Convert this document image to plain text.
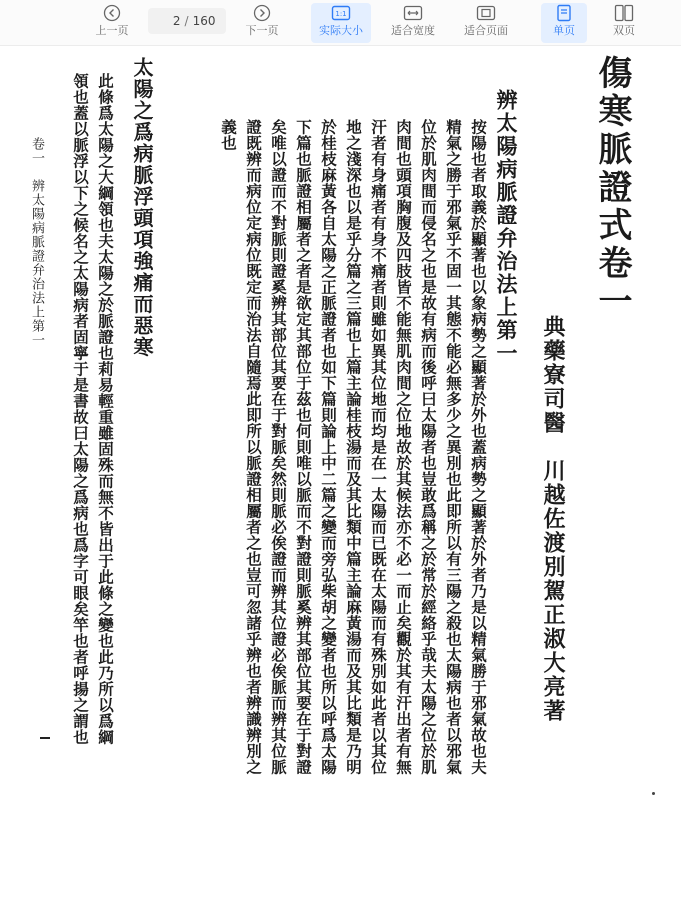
上一页
2
/ 160
下一页
1:1
实际大小	适合宽度	适合页面	单页	双页
傷寒脈證式卷一
典藥寮司醫　川越佐渡別駕正淑大亮著
辨太陽病脈證弁治法上第一
按陽也者取義於顯著也以象病勢之顯著於外也蓋病勢之顯著於外者乃是以精氣勝于邪氣故也夫
精氣之勝于邪氣乎不固一其態不能必無多少之異別也此即所以有三陽之殺也太陽病也者以邪氣
位於肌肉間而侵名之也是故有病而後呼曰太陽者也豈敢爲稱之於常於經絡乎哉夫太陽之位於肌
肉間也頭項胸腹及四肢皆不能無肌肉間之位地故於其候法亦不必一而止矣觀於其有汗出者有無
汗者有身痛者有身不痛者則雖如異其位地而均是在一太陽而已既在太陽而有殊別如此者以其位
地之淺深也以是乎分篇之三篇也上篇主論桂枝湯而及其比類中篇主論麻黃湯而及其比類是乃明
於桂枝麻黃各自太陽之正脈證者也如下篇則論上中二篇之變而旁弘柴胡之變者也所以呼爲太陽
下篇也脈證相屬者之者是欲定其部位于茲也何則唯以脈而不對證則脈奚辨其部位其要在于對證
矣唯以證而不對脈則證奚辨其部位其要在于對脈矣然則脈必俟證而辨其位證必俟脈而辨其位脈
證既辨而病位定病位既定而治法自隨焉此即所以脈證相屬者之也豈可忽諸乎辨也者辨識辨別之
義也
太陽之爲病脈浮頭項強痛而惡寒
此條爲太陽之大綱領也夫太陽之於脈證也莉易輕重雖固殊而無不皆出于此條之變也此乃所以爲綱
領也蓋以脈浮以下之候名之太陽病者固寧于是書故曰太陽之爲病也爲字可眼矣竿也者呼揚之謂也
卷一　辨太陽病脈證弁治法上第一
